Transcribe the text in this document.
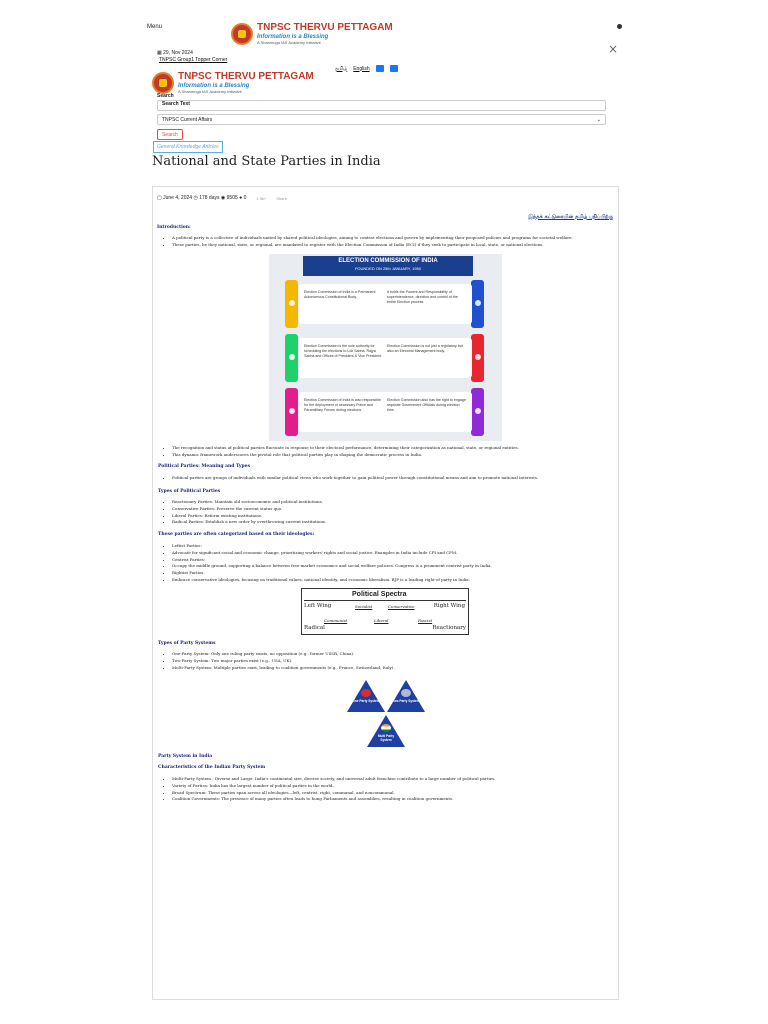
Menu	TNPSC THERVU PETTAGAM
Information is a Blessing
A Shanmuga IAS Academy Initiative
▦ 29, Nov 2024
TNPSC Group1 Topper Corner
×
தமிழ் English
TNPSC THERVU PETTAGAM
Information is a Blessing
A Shanmuga IAS Academy Initiative
Search
Search Text
TNPSC Current Affairs	⌄
Search
General Knowledge Articles
National and State Parties in India
▢ June 4, 2024 ◷ 178 days ◉ 9505 ● 0	1.5k+	Share
இந்தக் கட்டுரையின் தமிழ் பதிப்பிற்கு
Introduction:
• A political party is a collective of individuals united by shared political ideologies, aiming to contest elections and govern by implementing their proposed policies and programs for societal welfare.
• These parties, be they national, state, or regional, are mandated to register with the Election Commission of India (ECI) if they seek to participate in local, state, or national elections.
ELECTION COMMISSION OF INDIA
FOUNDED ON 25th JANUARY, 1950
Election Commission of India is a Permanent Autonomous Constitutional Body.
It holds the Powers and Responsibility of superintendence, direction and control of the entire Election process.
Election Commission is the sole authority for scheduling the elections to Lok Sabha, Rajya Sabha and Offices of President & Vice President.
Election Commission is not just a regulatory but also an Electoral Management body.
Election Commission of India is also responsible for the deployment of necessary Police and Paramilitary Forces during elections.
Election Commission also has the right to engage requisite Government Officials during election time.
• The recognition and status of political parties fluctuate in response to their electoral performance, determining their categorization as national, state, or regional entities.
• This dynamic framework underscores the pivotal role that political parties play in shaping the democratic process in India.
Political Parties: Meaning and Types
• Political parties are groups of individuals with similar political views who work together to gain political power through constitutional means and aim to promote national interests.
Types of Political Parties
• Reactionary Parties: Maintain old socioeconomic and political institutions.
• Conservative Parties: Preserve the current status quo.
• Liberal Parties: Reform existing institutions.
• Radical Parties: Establish a new order by overthrowing current institutions.
These parties are often categorized based on their ideologies:
• Leftist Parties:
• Advocate for significant social and economic change, prioritizing workers' rights and social justice. Examples in India include CPI and CPM.
• Centrist Parties:
• Occupy the middle ground, supporting a balance between free-market economics and social welfare policies. Congress is a prominent centrist party in India.
• Rightist Parties:
• Embrace conservative ideologies, focusing on traditional values, national identity, and economic liberalism. BJP is a leading right-of party in India.
Political Spectra
Left Wing	Right Wing
Socialist	Conservative
Communist	Liberal	Fascist
Radical	Reactionary
Types of Party Systems
• One-Party System: Only one ruling party exists, no opposition (e.g., former USSR, China).
• Two-Party System: Two major parties exist (e.g., USA, UK).
• Multi-Party System: Multiple parties exist, leading to coalition governments (e.g., France, Switzerland, Italy).
One Party System	Two Party System
Multi Party System
Party System in India
Characteristics of the Indian Party System
• Multi-Party System : Diverse and Large: India's continental size, diverse society, and universal adult franchise contribute to a large number of political parties.
• Variety of Parties: India has the largest number of political parties in the world.
• Broad Spectrum: These parties span across all ideologies—left, centrist, right, communal, and noncommunal.
• Coalition Governments: The presence of many parties often leads to hung Parliaments and assemblies, resulting in coalition governments.
